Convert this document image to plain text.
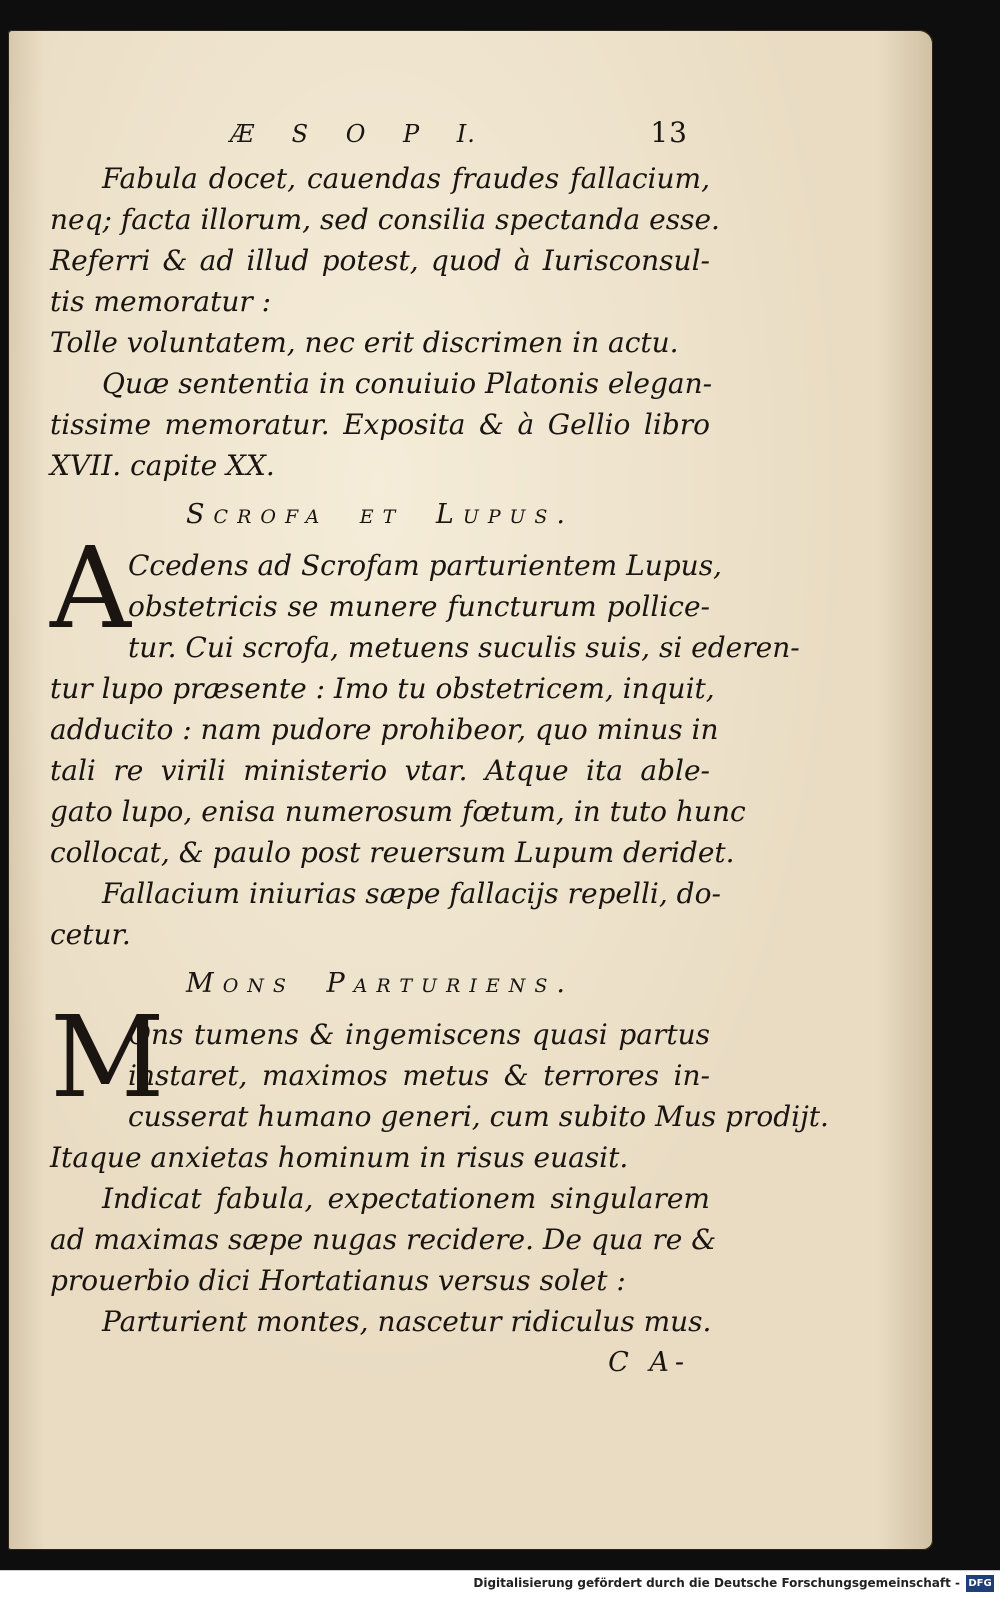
Æ S O P I.	13
Fabula docet, cauendas fraudes fallacium,
neq; facta illorum, sed consilia spectanda esse.
Referri & ad illud potest, quod à Iurisconsul-
tis memoratur :
Tolle voluntatem, nec erit discrimen in actu.
Quæ sententia in conuiuio Platonis elegan-
tissime memoratur. Exposita & à Gellio libro
XVII. capite XX.
Scrofa et Lupus.
A
Ccedens ad Scrofam parturientem Lupus,
obstetricis se munere functurum pollice-
tur. Cui scrofa, metuens suculis suis, si ederen-
tur lupo præsente : Imo tu obstetricem, inquit,
adducito : nam pudore prohibeor, quo minus in
tali re virili ministerio vtar. Atque ita able-
gato lupo, enisa numerosum fœtum, in tuto hunc
collocat, & paulo post reuersum Lupum deridet.
Fallacium iniurias sæpe fallacijs repelli, do-
cetur.
Mons Parturiens.
M
Ons tumens & ingemiscens quasi partus
instaret, maximos metus & terrores in-
cusserat humano generi, cum subito Mus prodijt.
Itaque anxietas hominum in risus euasit.
Indicat fabula, expectationem singularem
ad maximas sæpe nugas recidere. De qua re &
prouerbio dici Hortatianus versus solet :
Parturient montes, nascetur ridiculus mus.
C A-
Digitalisierung gefördert durch die Deutsche Forschungsgemeinschaft - DFG
